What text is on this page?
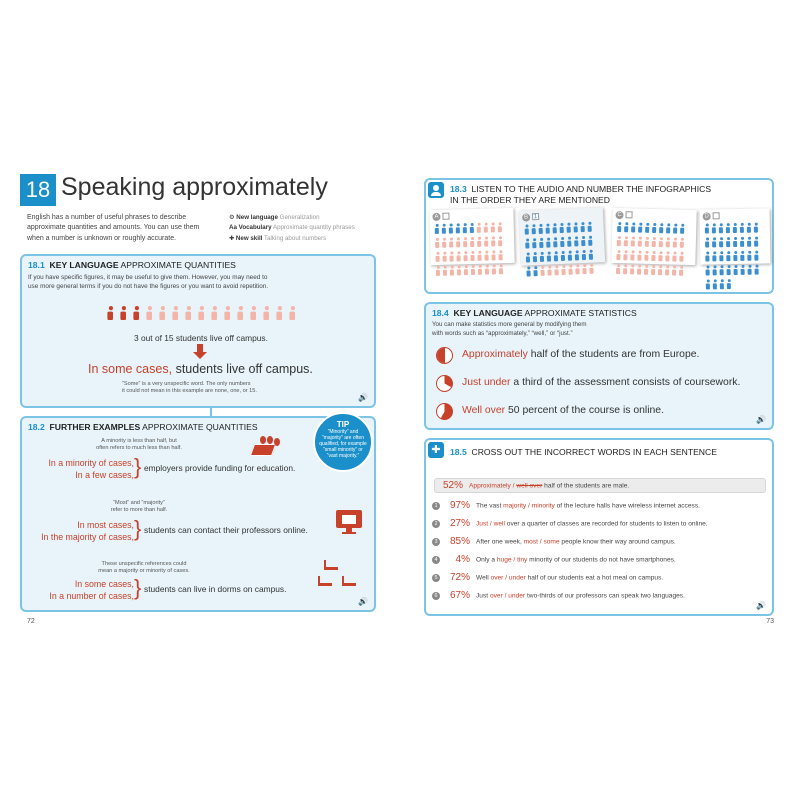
18 Speaking approximately
English has a number of useful phrases to describe
approximate quantities and amounts. You can use them
when a number is unknown or roughly accurate.
⚙ New language Generalization
Aa Vocabulary Approximate quantity phrases
✚ New skill Talking about numbers
18.1 KEY LANGUAGE APPROXIMATE QUANTITIES
If you have specific figures, it may be useful to give them. However, you may need to
use more general terms if you do not have the figures or you want to avoid repetition.
3 out of 15 students live off campus.
In some cases, students live off campus.
“Some” is a very unspecific word. The only numbers
it could not mean in this example are none, one, or 15.
🔊
18.2 FURTHER EXAMPLES APPROXIMATE QUANTITIES
A minority is less than half, but
often refers to much less than half.
In a minority of cases,
In a few cases, } employers provide funding for education.
“Most” and “majority”
refer to more than half.
In most cases,
In the majority of cases, } students can contact their professors online.
These unspecific references could
mean a majority or minority of cases.
In some cases,
In a number of cases, } students can live in dorms on campus.
🔊
TIP
“Minority” and
“majority” are often
qualified, for example
“small minority” or
“vast majority.”
72
18.3 LISTEN TO THE AUDIO AND NUMBER THE INFOGRAPHICS
IN THE ORDER THEY ARE MENTIONED
A	B 1	C	D
18.4 KEY LANGUAGE APPROXIMATE STATISTICS
You can make statistics more general by modifying them
with words such as “approximately,” “well,” or “just.”
Approximately half of the students are from Europe.
Just under a third of the assessment consists of coursework.
Well over 50 percent of the course is online.
🔊
✚	18.5 CROSS OUT THE INCORRECT WORDS IN EACH SENTENCE
52% Approximately / well over half of the students are male.
1 97% The vast majority / minority of the lecture halls have wireless internet access.
2 27% Just / well over a quarter of classes are recorded for students to listen to online.
3 85% After one week, most / some people know their way around campus.
4 4% Only a huge / tiny minority of our students do not have smartphones.
5 72% Well over / under half of our students eat a hot meal on campus.
6 67% Just over / under two-thirds of our professors can speak two languages.
🔊
73
